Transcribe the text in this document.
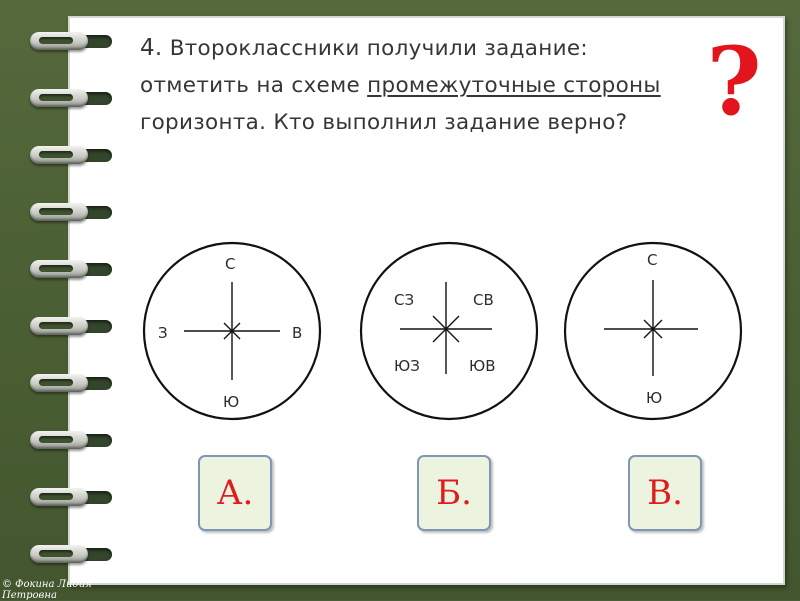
4. Второклассники получили задание:
отметить на схеме промежуточные стороны
горизонта. Кто выполнил задание верно? ?
С
Ю
З	В
СЗ	СВ
ЮЗ	ЮВ
С
Ю
А.	Б.	В.
© Фокина Лидия Петровна
